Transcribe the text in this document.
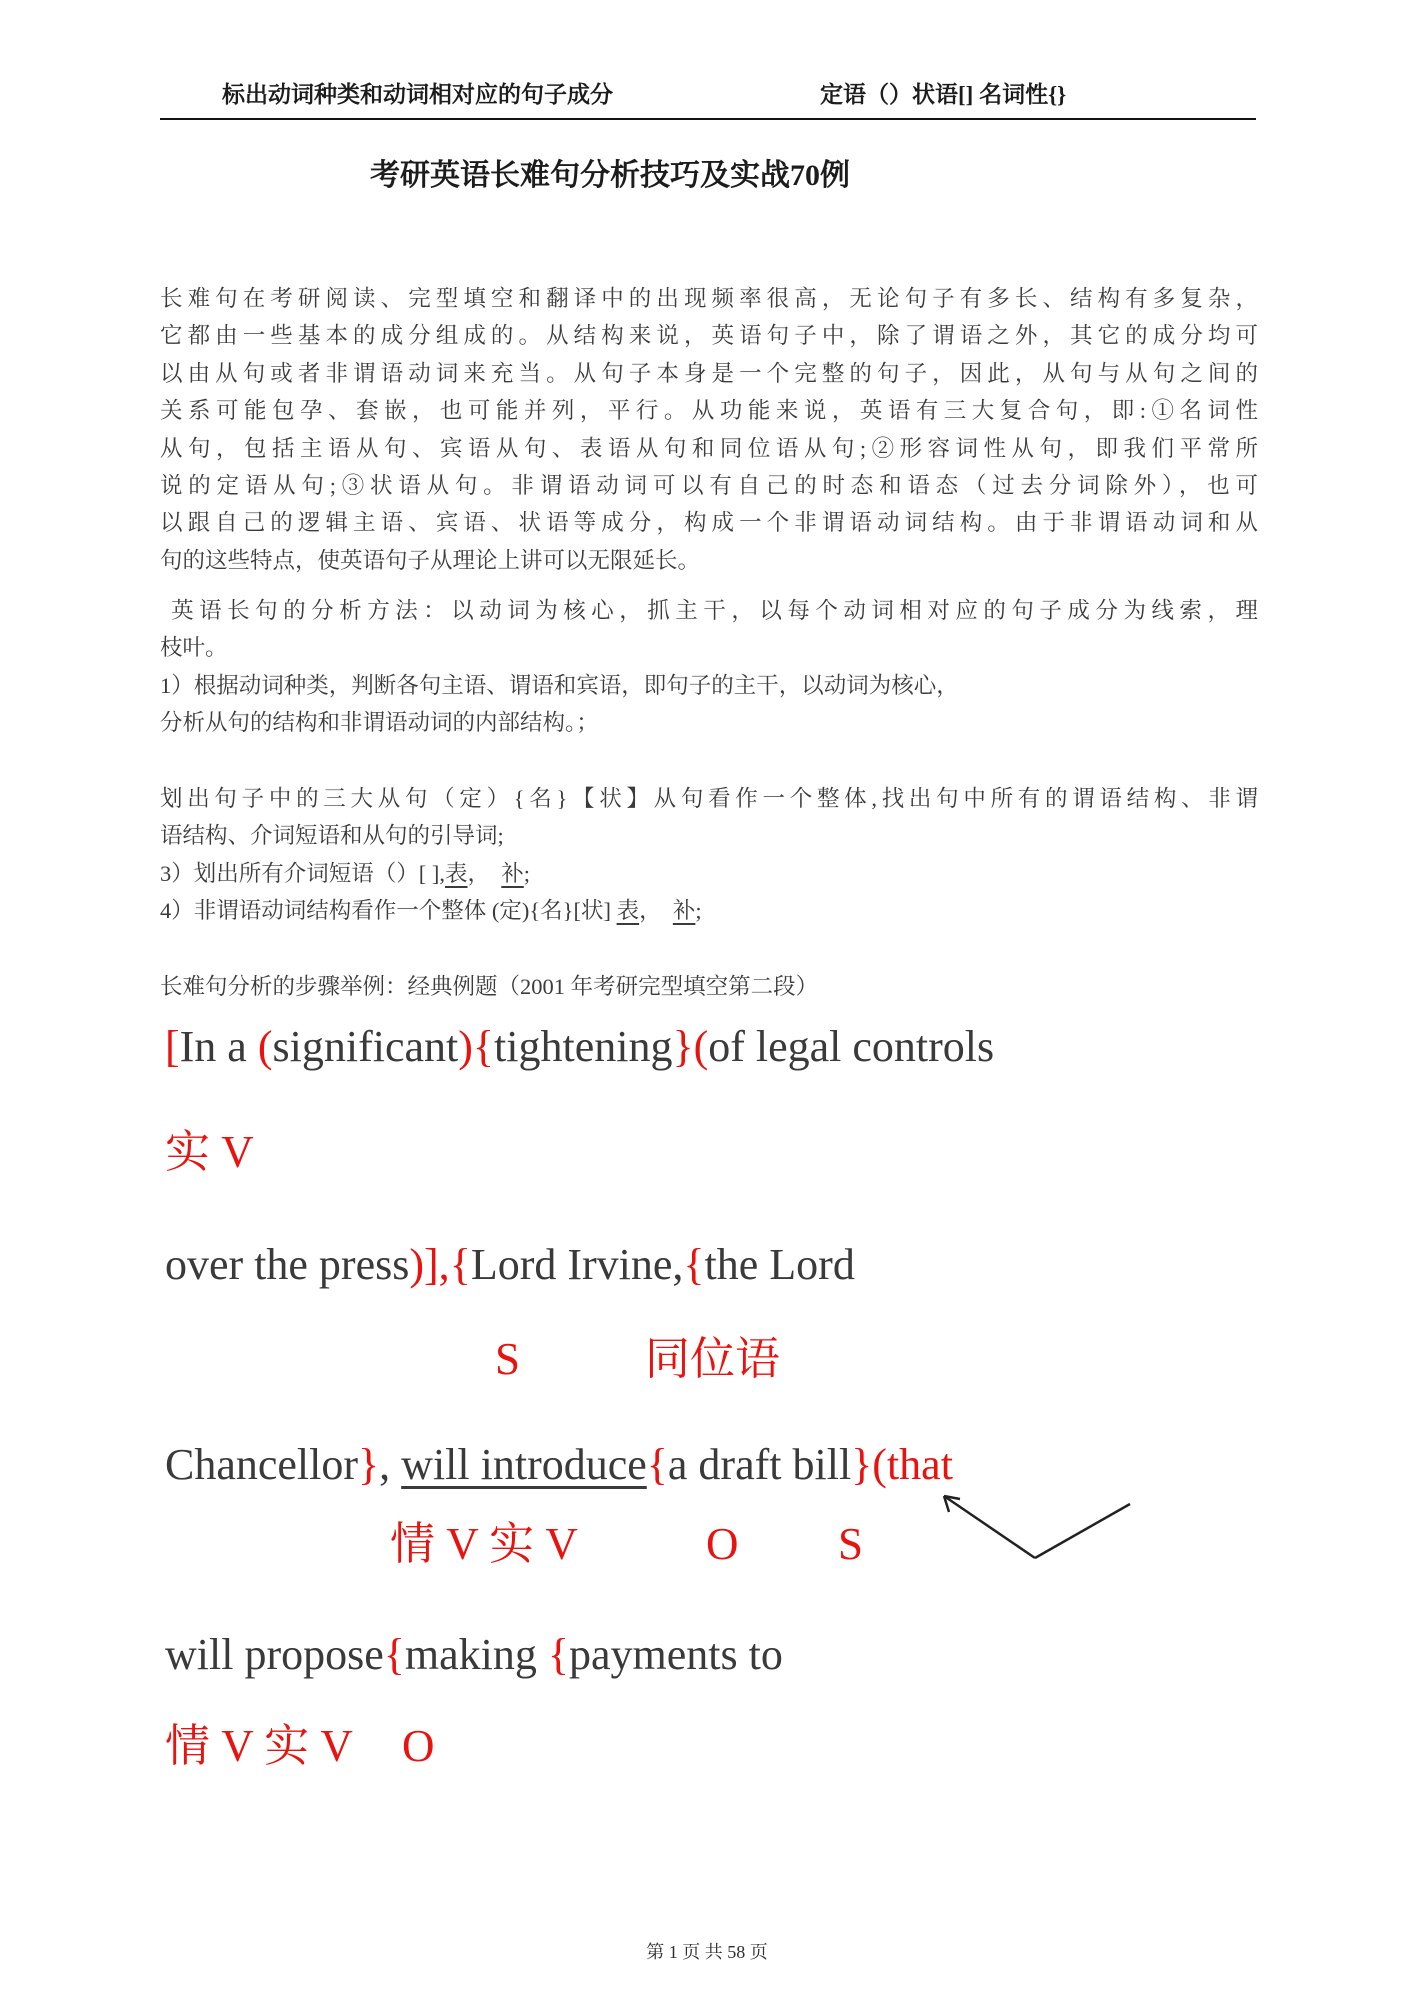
标出动词种类和动词相对应的句子成分	定语（）状语[] 名词性{}
考研英语长难句分析技巧及实战70例
长难句在考研阅读、完型填空和翻译中的出现频率很高，无论句子有多长、结构有多复杂，
它都由一些基本的成分组成的。从结构来说，英语句子中，除了谓语之外，其它的成分均可
以由从句或者非谓语动词来充当。从句子本身是一个完整的句子，因此，从句与从句之间的
关系可能包孕、套嵌，也可能并列，平行。从功能来说，英语有三大复合句，即:①名词性
从句，包括主语从句、宾语从句、表语从句和同位语从句;②形容词性从句，即我们平常所
说的定语从句;③状语从句。非谓语动词可以有自己的时态和语态（过去分词除外），也可
以跟自己的逻辑主语、宾语、状语等成分，构成一个非谓语动词结构。由于非谓语动词和从
句的这些特点，使英语句子从理论上讲可以无限延长。
英语长句的分析方法：以动词为核心，抓主干，以每个动词相对应的句子成分为线索，理
枝叶。
1）根据动词种类，判断各句主语、谓语和宾语，即句子的主干，以动词为核心，
分析从句的结构和非谓语动词的内部结构。；
划出句子中的三大从句（定）{名}【状】从句看作一个整体,找出句中所有的谓语结构、非谓
语结构、介词短语和从句的引导词;
3）划出所有介词短语（）[ ],表，  补;
4）非谓语动词结构看作一个整体 (定){名}[状] 表，  补;
长难句分析的步骤举例：经典例题（2001 年考研完型填空第二段）
[In a (significant){tightening}(of legal controls
实 V
over the press)],{Lord Irvine,{the Lord
S	同位语
Chancellor}, will introduce{a draft bill}(that
情 V 实 V	O S
will propose{making {payments to
情 V 实 V O
第 1 页 共 58 页
